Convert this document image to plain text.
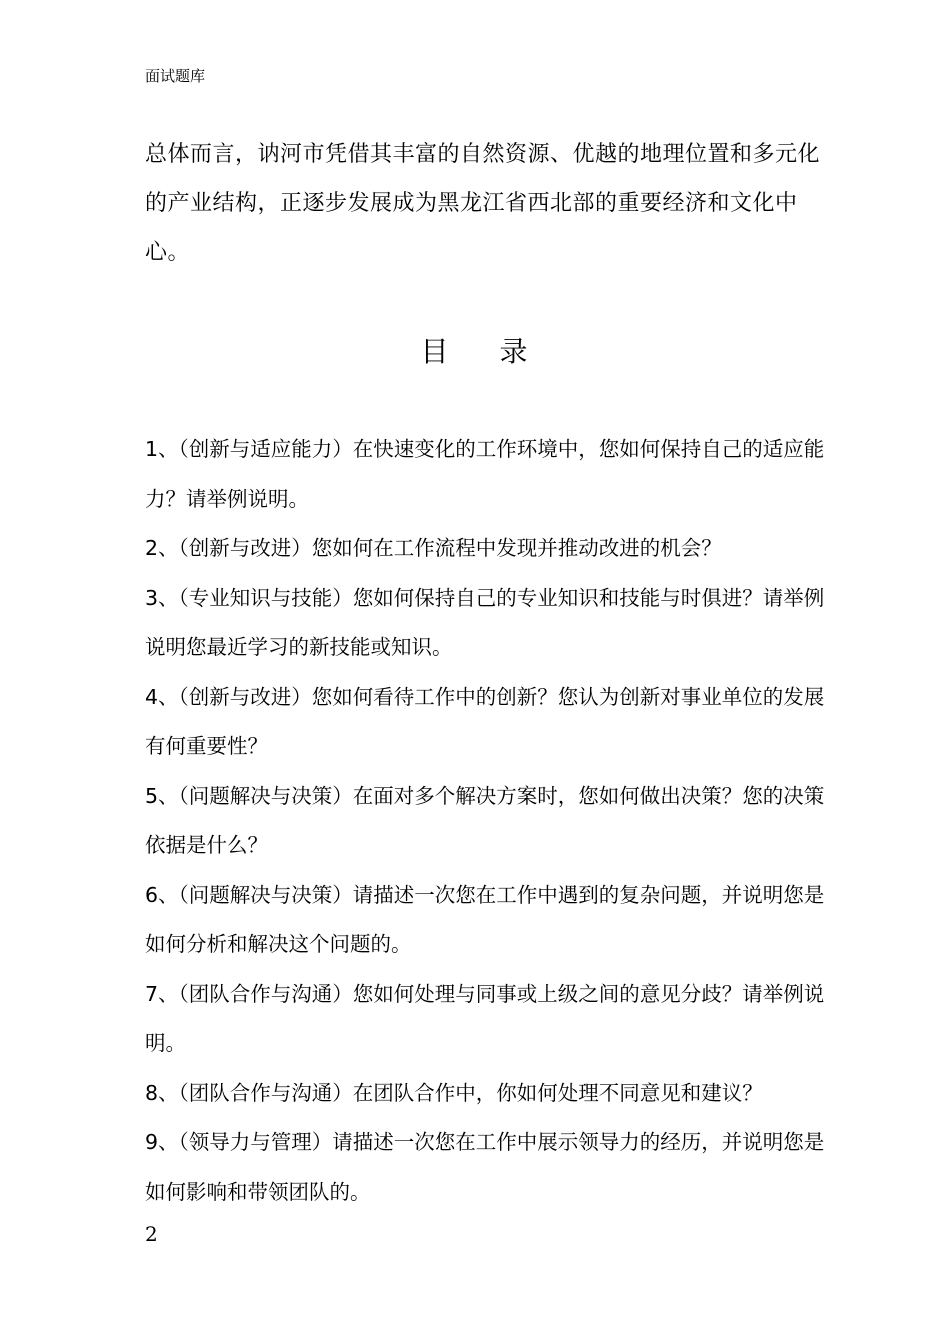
面试题库
总体而言，讷河市凭借其丰富的自然资源、优越的地理位置和多元化的产业结构，正逐步发展成为黑龙江省西北部的重要经济和文化中心。
目 录
1、（创新与适应能力）在快速变化的工作环境中，您如何保持自己的适应能力？请举例说明。
2、（创新与改进）您如何在工作流程中发现并推动改进的机会？
3、（专业知识与技能）您如何保持自己的专业知识和技能与时俱进？请举例说明您最近学习的新技能或知识。
4、（创新与改进）您如何看待工作中的创新？您认为创新对事业单位的发展有何重要性？
5、（问题解决与决策）在面对多个解决方案时，您如何做出决策？您的决策依据是什么？
6、（问题解决与决策）请描述一次您在工作中遇到的复杂问题，并说明您是如何分析和解决这个问题的。
7、（团队合作与沟通）您如何处理与同事或上级之间的意见分歧？请举例说明。
8、（团队合作与沟通）在团队合作中，你如何处理不同意见和建议？
9、（领导力与管理）请描述一次您在工作中展示领导力的经历，并说明您是如何影响和带领团队的。
2
